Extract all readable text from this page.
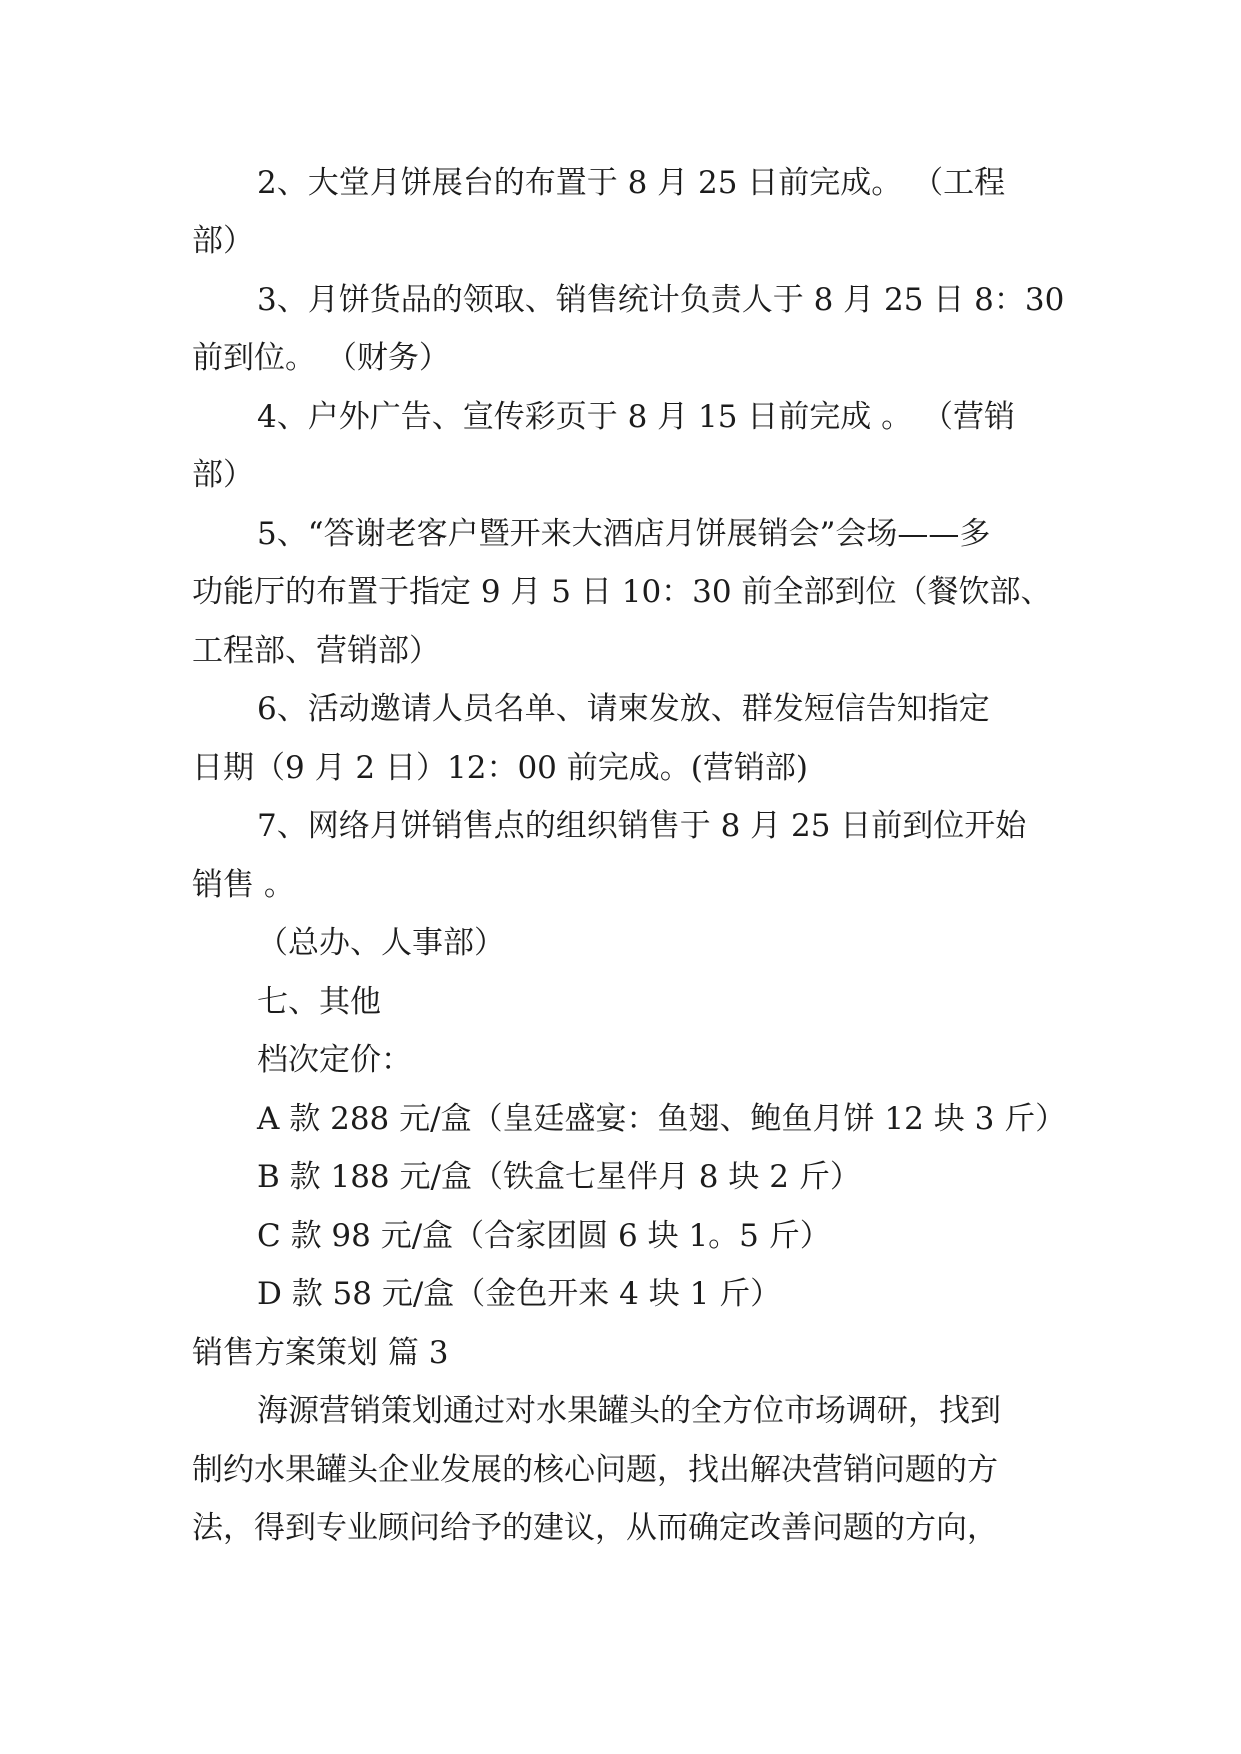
2、大堂月饼展台的布置于 8 月 25 日前完成。 （工程
部）
3、月饼货品的领取、销售统计负责人于 8 月 25 日 8：30
前到位。 （财务）
4、户外广告、宣传彩页于 8 月 15 日前完成 。 （营销
部）
5、“答谢老客户暨开来大酒店月饼展销会”会场——多
功能厅的布置于指定 9 月 5 日 10：30 前全部到位（餐饮部、
工程部、营销部）
6、活动邀请人员名单、请柬发放、群发短信告知指定
日期（9 月 2 日）12：00 前完成。(营销部)
7、网络月饼销售点的组织销售于 8 月 25 日前到位开始
销售 。
（总办、人事部）
七、其他
档次定价：
A 款 288 元/盒（皇廷盛宴：鱼翅、鲍鱼月饼 12 块 3 斤）
B 款 188 元/盒（铁盒七星伴月 8 块 2 斤）
C 款 98 元/盒（合家团圆 6 块 1。5 斤）
D 款 58 元/盒（金色开来 4 块 1 斤）
销售方案策划 篇 3
海源营销策划通过对水果罐头的全方位市场调研，找到
制约水果罐头企业发展的核心问题，找出解决营销问题的方
法，得到专业顾问给予的建议，从而确定改善问题的方向，
